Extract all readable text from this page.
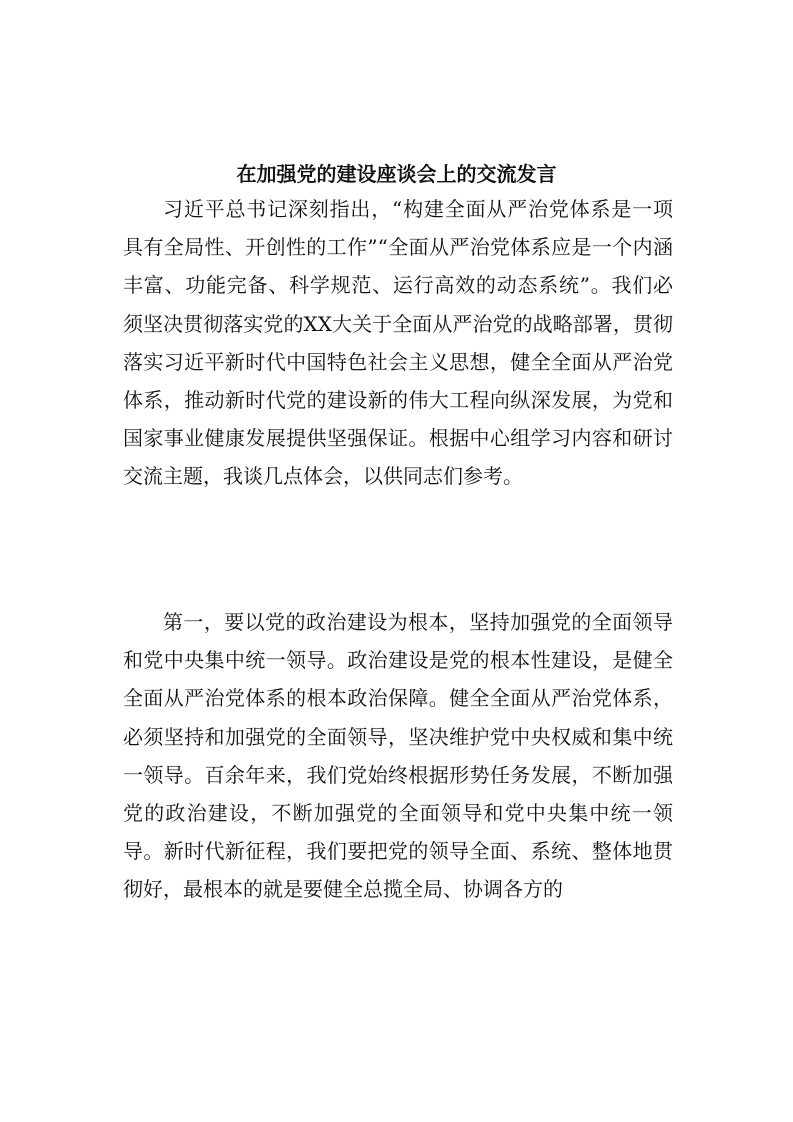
在加强党的建设座谈会上的交流发言

习近平总书记深刻指出，“构建全面从严治党体系是一项具有全局性、开创性的工作”“全面从严治党体系应是一个内涵丰富、功能完备、科学规范、运行高效的动态系统”。我们必须坚决贯彻落实党的XX大关于全面从严治党的战略部署，贯彻落实习近平新时代中国特色社会主义思想，健全全面从严治党体系，推动新时代党的建设新的伟大工程向纵深发展，为党和国家事业健康发展提供坚强保证。根据中心组学习内容和研讨交流主题，我谈几点体会，以供同志们参考。

第一，要以党的政治建设为根本，坚持加强党的全面领导和党中央集中统一领导。政治建设是党的根本性建设，是健全全面从严治党体系的根本政治保障。健全全面从严治党体系，必须坚持和加强党的全面领导，坚决维护党中央权威和集中统一领导。百余年来，我们党始终根据形势任务发展，不断加强党的政治建设，不断加强党的全面领导和党中央集中统一领导。新时代新征程，我们要把党的领导全面、系统、整体地贯彻好，最根本的就是要健全总揽全局、协调各方的
